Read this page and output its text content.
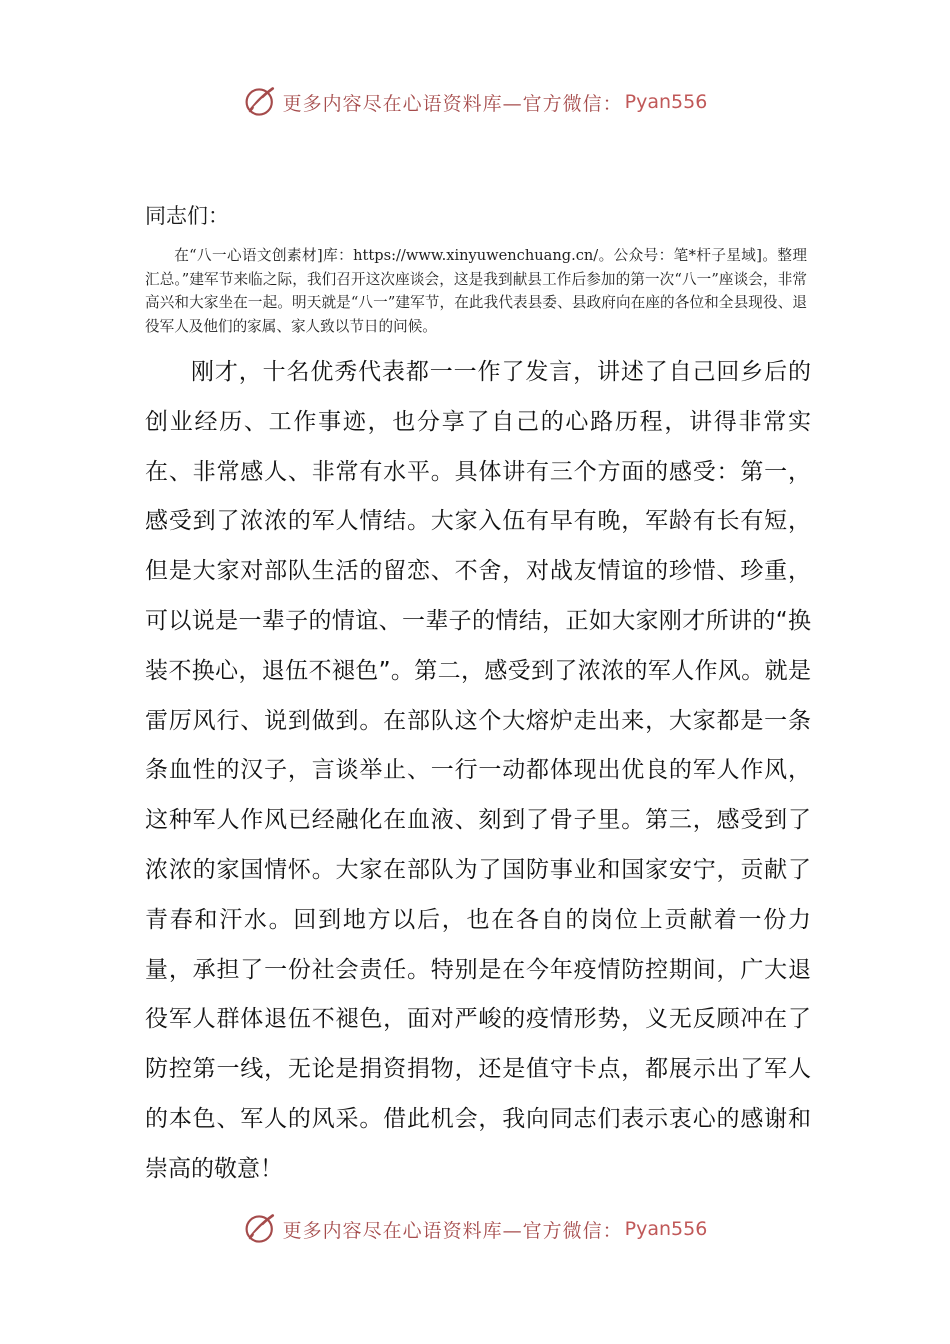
更多内容尽在心语资料库—官方微信： Pyan556
同志们：

在“八一心语文创素材]库：https://www.xinyuwenchuang.cn/。公众号：笔*杆子星域]。整理汇总。”建军节来临之际，我们召开这次座谈会，这是我到献县工作后参加的第一次“八一”座谈会，非常高兴和大家坐在一起。明天就是“八一”建军节，在此我代表县委、县政府向在座的各位和全县现役、退役军人及他们的家属、家人致以节日的问候。

刚才，十名优秀代表都一一作了发言，讲述了自己回乡后的创业经历、工作事迹，也分享了自己的心路历程，讲得非常实在、非常感人、非常有水平。具体讲有三个方面的感受：第一，感受到了浓浓的军人情结。大家入伍有早有晚，军龄有长有短，但是大家对部队生活的留恋、不舍，对战友情谊的珍惜、珍重，可以说是一辈子的情谊、一辈子的情结，正如大家刚才所讲的“换装不换心，退伍不褪色”。第二，感受到了浓浓的军人作风。就是雷厉风行、说到做到。在部队这个大熔炉走出来，大家都是一条条血性的汉子，言谈举止、一行一动都体现出优良的军人作风，这种军人作风已经融化在血液、刻到了骨子里。第三，感受到了浓浓的家国情怀。大家在部队为了国防事业和国家安宁，贡献了青春和汗水。回到地方以后，也在各自的岗位上贡献着一份力量，承担了一份社会责任。特别是在今年疫情防控期间，广大退役军人群体退伍不褪色，面对严峻的疫情形势，义无反顾冲在了防控第一线，无论是捐资捐物，还是值守卡点，都展示出了军人的本色、军人的风采。借此机会，我向同志们表示衷心的感谢和崇高的敬意！

更多内容尽在心语资料库—官方微信： Pyan556
